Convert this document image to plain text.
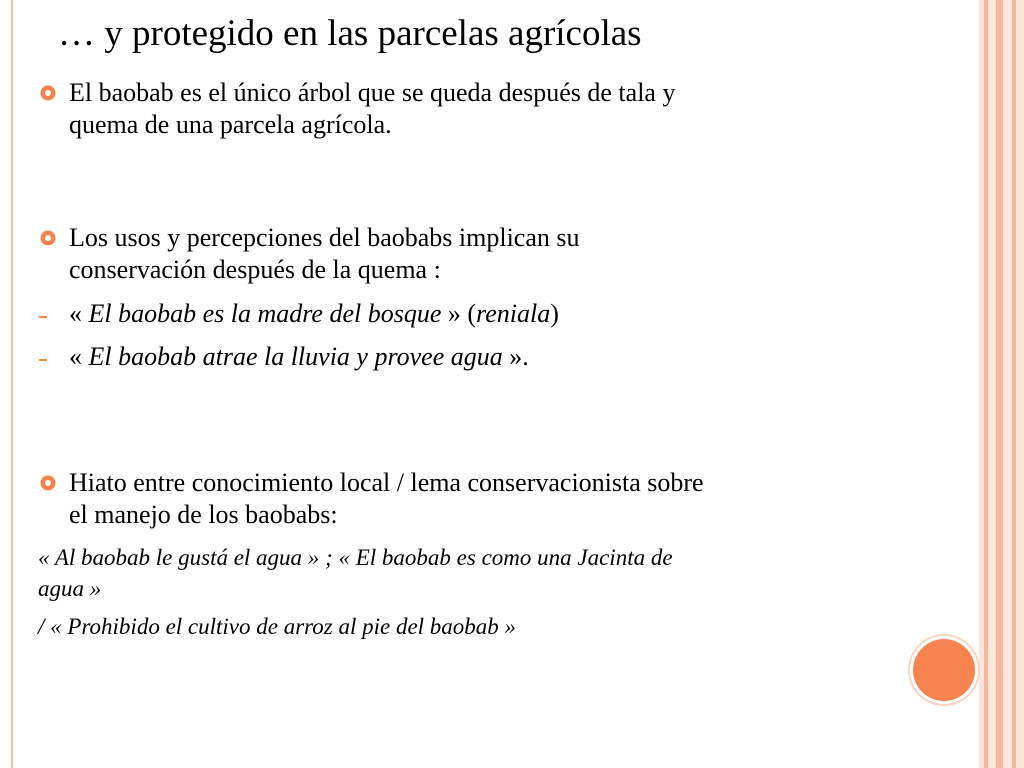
… y protegido en las parcelas agrícolas
El baobab es el único árbol que se queda después de tala y
quema de una parcela agrícola.
Los usos y percepciones del baobabs implican su
conservación después de la quema :
« El baobab es la madre del bosque » (reniala)
« El baobab atrae la lluvia y provee agua ».
Hiato entre conocimiento local / lema conservacionista sobre
el manejo de los baobabs:
« Al baobab le gustá el agua » ; « El baobab es como una Jacinta de
agua »
/ « Prohibido el cultivo de arroz al pie del baobab »
